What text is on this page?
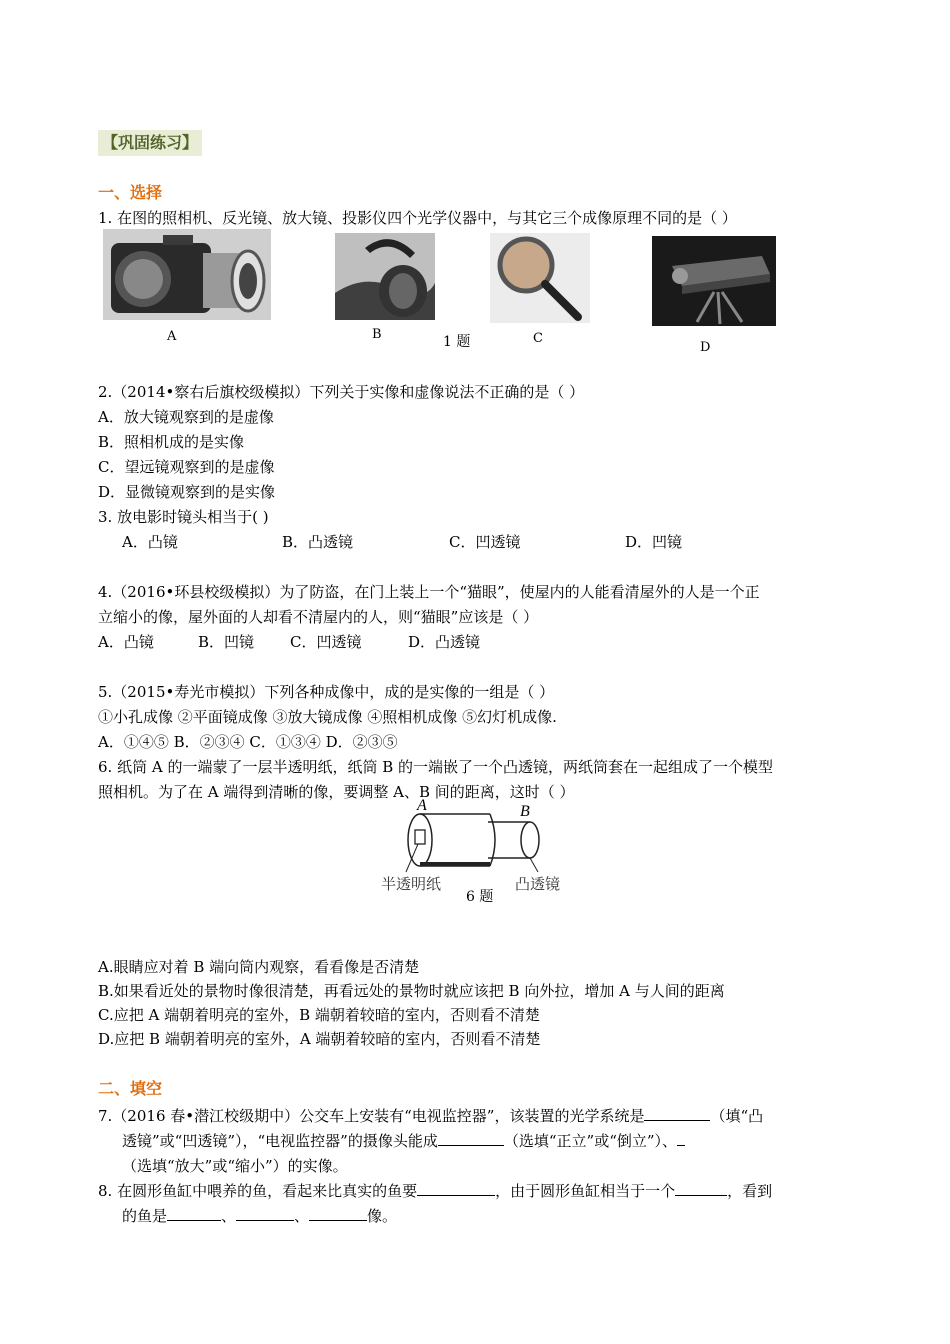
【巩固练习】
一、选择
1. 在图的照相机、反光镜、放大镜、投影仪四个光学仪器中，与其它三个成像原理不同的是（ ）
A	B	C
1 题	D
2.（2014•察右后旗校级模拟）下列关于实像和虚像说法不正确的是（ ）
A．放大镜观察到的是虚像
B．照相机成的是实像
C．望远镜观察到的是虚像
D．显微镜观察到的是实像
3. 放电影时镜头相当于( )
A．凸镜	B．凸透镜	C．凹透镜	D．凹镜
4.（2016•环县校级模拟）为了防盗，在门上装上一个“猫眼”，使屋内的人能看清屋外的人是一个正
立缩小的像，屋外面的人却看不清屋内的人，则“猫眼”应该是（ ）
A．凸镜	B．凹镜 C．凹透镜	D．凸透镜
5.（2015•寿光市模拟）下列各种成像中，成的是实像的一组是（ ）
①小孔成像 ②平面镜成像 ③放大镜成像 ④照相机成像 ⑤幻灯机成像.
A．①④⑤ B．②③④ C．①③④ D．②③⑤
6. 纸筒 A 的一端蒙了一层半透明纸，纸筒 B 的一端嵌了一个凸透镜，两纸筒套在一起组成了一个模型
照相机。为了在 A 端得到清晰的像，要调整 A、B 间的距离，这时（ ）
A	B
半透明纸	凸透镜
6 题
A.眼睛应对着 B 端向筒内观察，看看像是否清楚
B.如果看近处的景物时像很清楚，再看远处的景物时就应该把 B 向外拉，增加 A 与人间的距离
C.应把 A 端朝着明亮的室外，B 端朝着较暗的室内，否则看不清楚
D.应把 B 端朝着明亮的室外，A 端朝着较暗的室内，否则看不清楚
二、填空
7.（2016 春•潜江校级期中）公交车上安装有“电视监控器”，该装置的光学系统是	（填“凸
透镜”或“凹透镜”），“电视监控器”的摄像头能成	（选填“正立”或“倒立”）、
（选填“放大”或“缩小”）的实像。
8. 在圆形鱼缸中喂养的鱼，看起来比真实的鱼要	，由于圆形鱼缸相当于一个	，看到
的鱼是	、	、	像。
